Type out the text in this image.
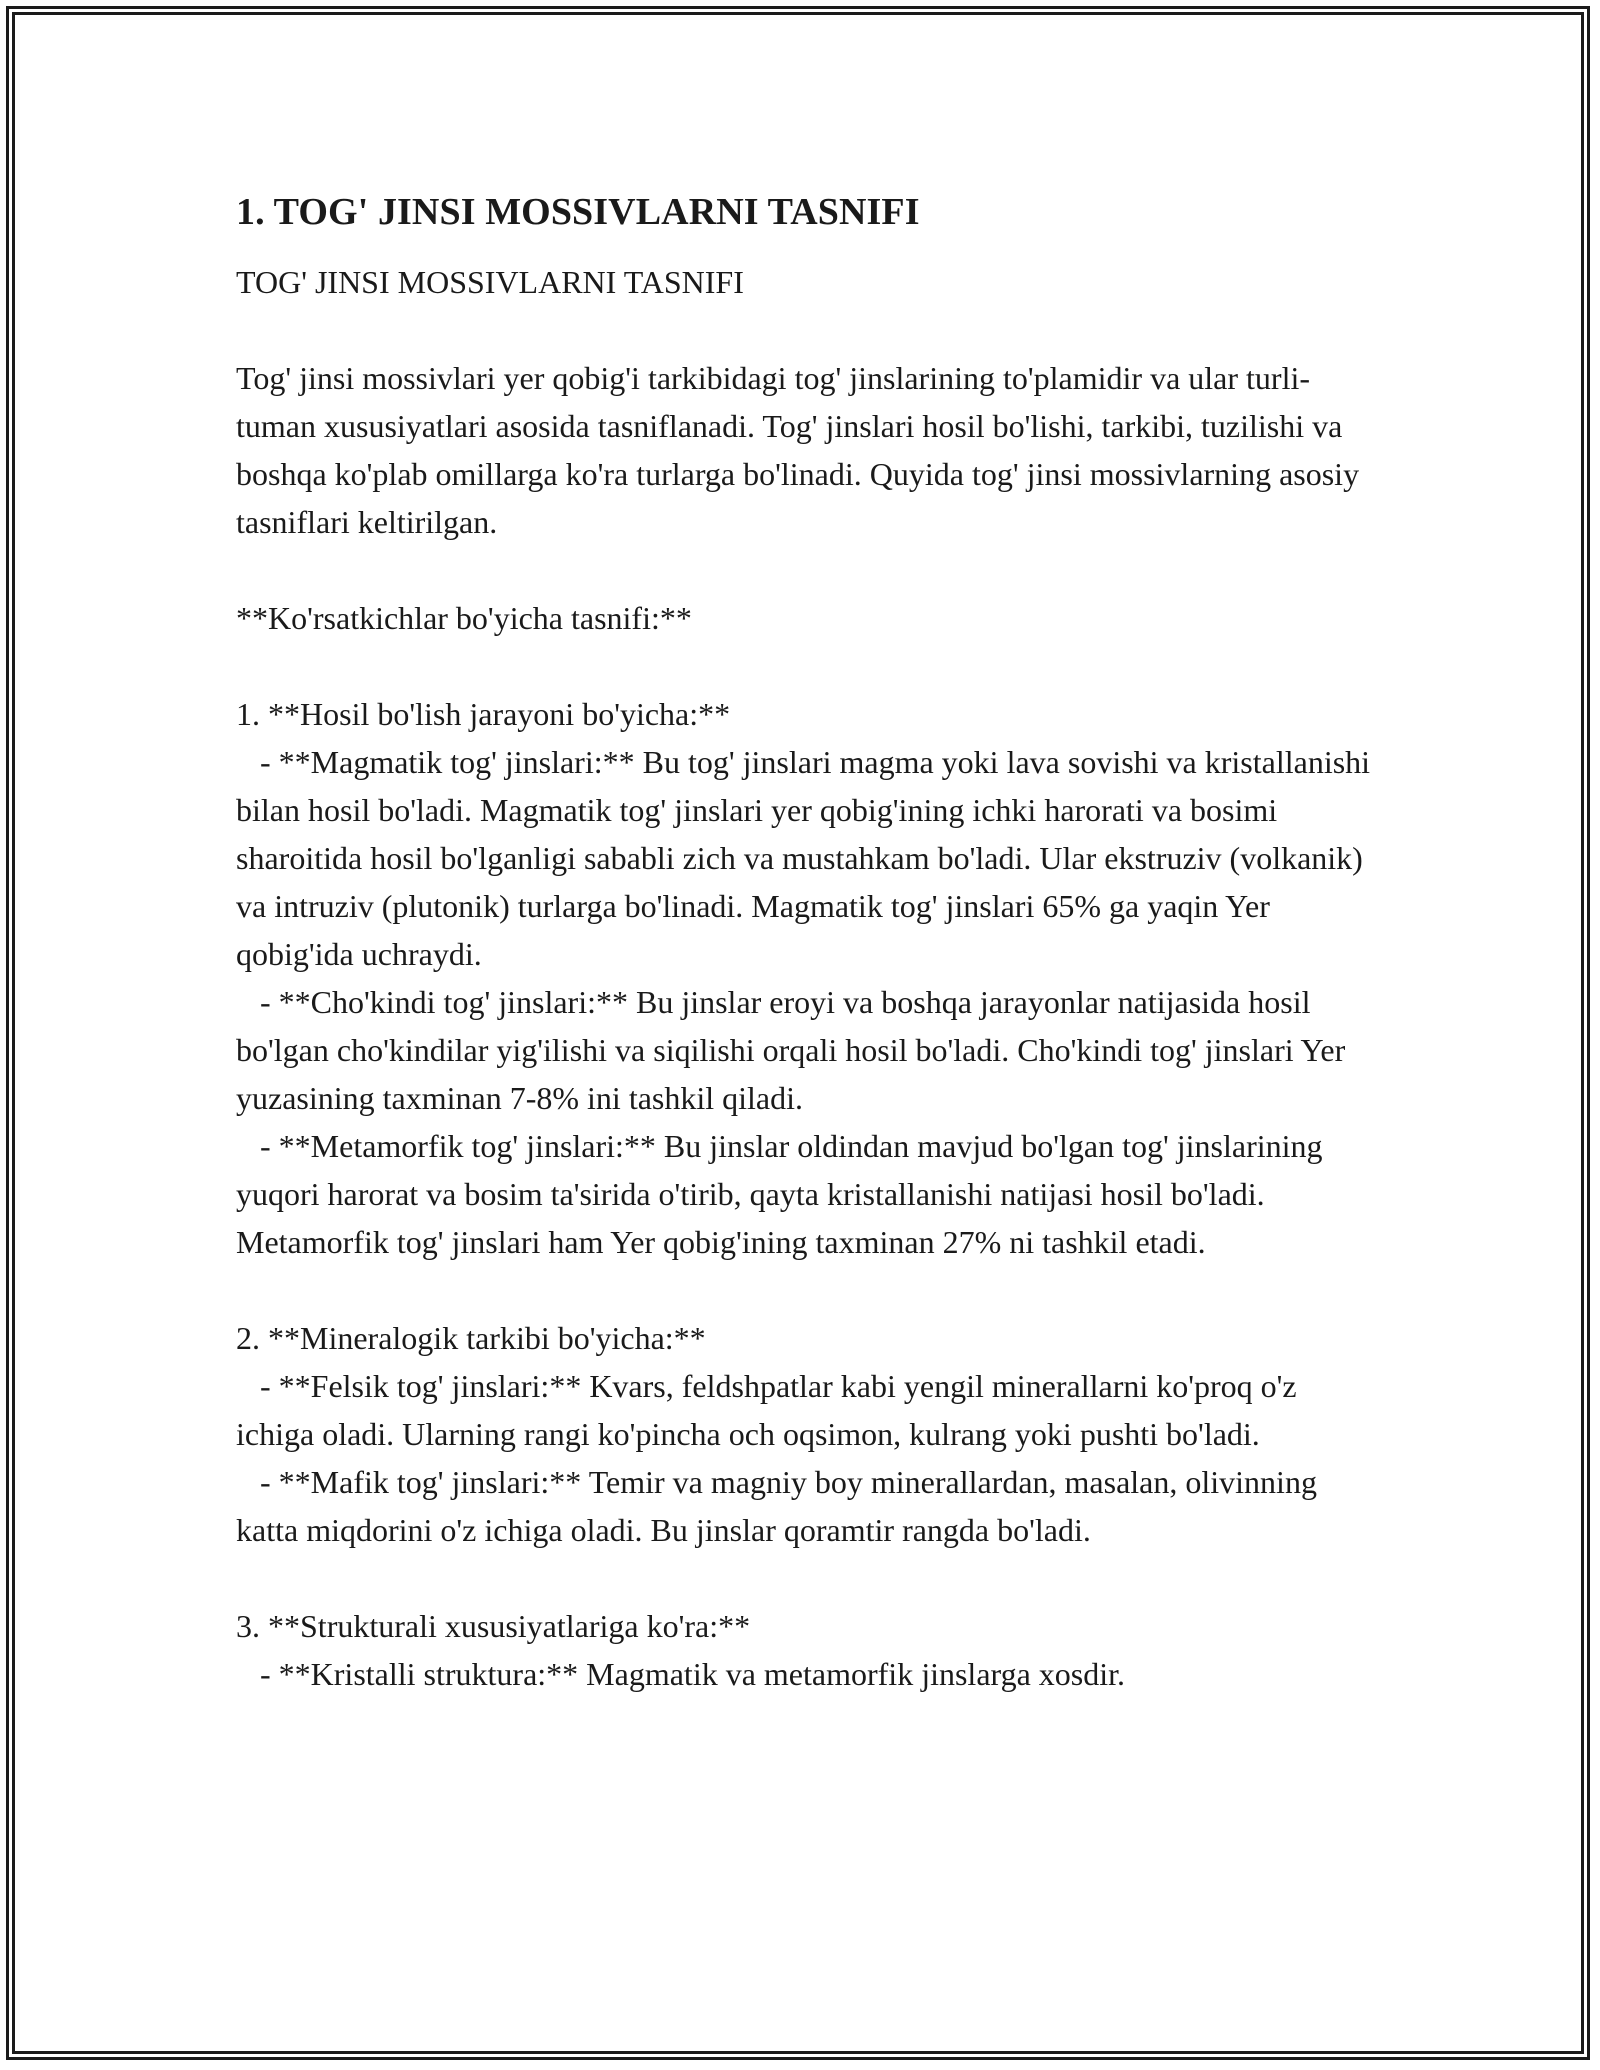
1. TOG' JINSI MOSSIVLARNI TASNIFI

TOG' JINSI MOSSIVLARNI TASNIFI

Tog' jinsi mossivlari yer qobig'i tarkibidagi tog' jinslarining to'plamidir va ular turli-tuman xususiyatlari asosida tasniflanadi. Tog' jinslari hosil bo'lishi, tarkibi, tuzilishi va boshqa ko'plab omillarga ko'ra turlarga bo'linadi. Quyida tog' jinsi mossivlarning asosiy tasniflari keltirilgan.

**Ko'rsatkichlar bo'yicha tasnifi:**

1. **Hosil bo'lish jarayoni bo'yicha:**

- **Magmatik tog' jinslari:** Bu tog' jinslari magma yoki lava sovishi va kristallanishi bilan hosil bo'ladi. Magmatik tog' jinslari yer qobig'ining ichki harorati va bosimi sharoitida hosil bo'lganligi sababli zich va mustahkam bo'ladi. Ular ekstruziv (volkanik) va intruziv (plutonik) turlarga bo'linadi. Magmatik tog' jinslari 65% ga yaqin Yer qobig'ida uchraydi.

- **Cho'kindi tog' jinslari:** Bu jinslar eroyi va boshqa jarayonlar natijasida hosil bo'lgan cho'kindilar yig'ilishi va siqilishi orqali hosil bo'ladi. Cho'kindi tog' jinslari Yer yuzasining taxminan 7-8% ini tashkil qiladi.

- **Metamorfik tog' jinslari:** Bu jinslar oldindan mavjud bo'lgan tog' jinslarining yuqori harorat va bosim ta'sirida o'tirib, qayta kristallanishi natijasi hosil bo'ladi. Metamorfik tog' jinslari ham Yer qobig'ining taxminan 27% ni tashkil etadi.

2. **Mineralogik tarkibi bo'yicha:**

- **Felsik tog' jinslari:** Kvars, feldshpatlar kabi yengil minerallarni ko'proq o'z ichiga oladi. Ularning rangi ko'pincha och oqsimon, kulrang yoki pushti bo'ladi.

- **Mafik tog' jinslari:** Temir va magniy boy minerallardan, masalan, olivinning katta miqdorini o'z ichiga oladi. Bu jinslar qoramtir rangda bo'ladi.

3. **Strukturali xususiyatlariga ko'ra:**

- **Kristalli struktura:** Magmatik va metamorfik jinslarga xosdir.
